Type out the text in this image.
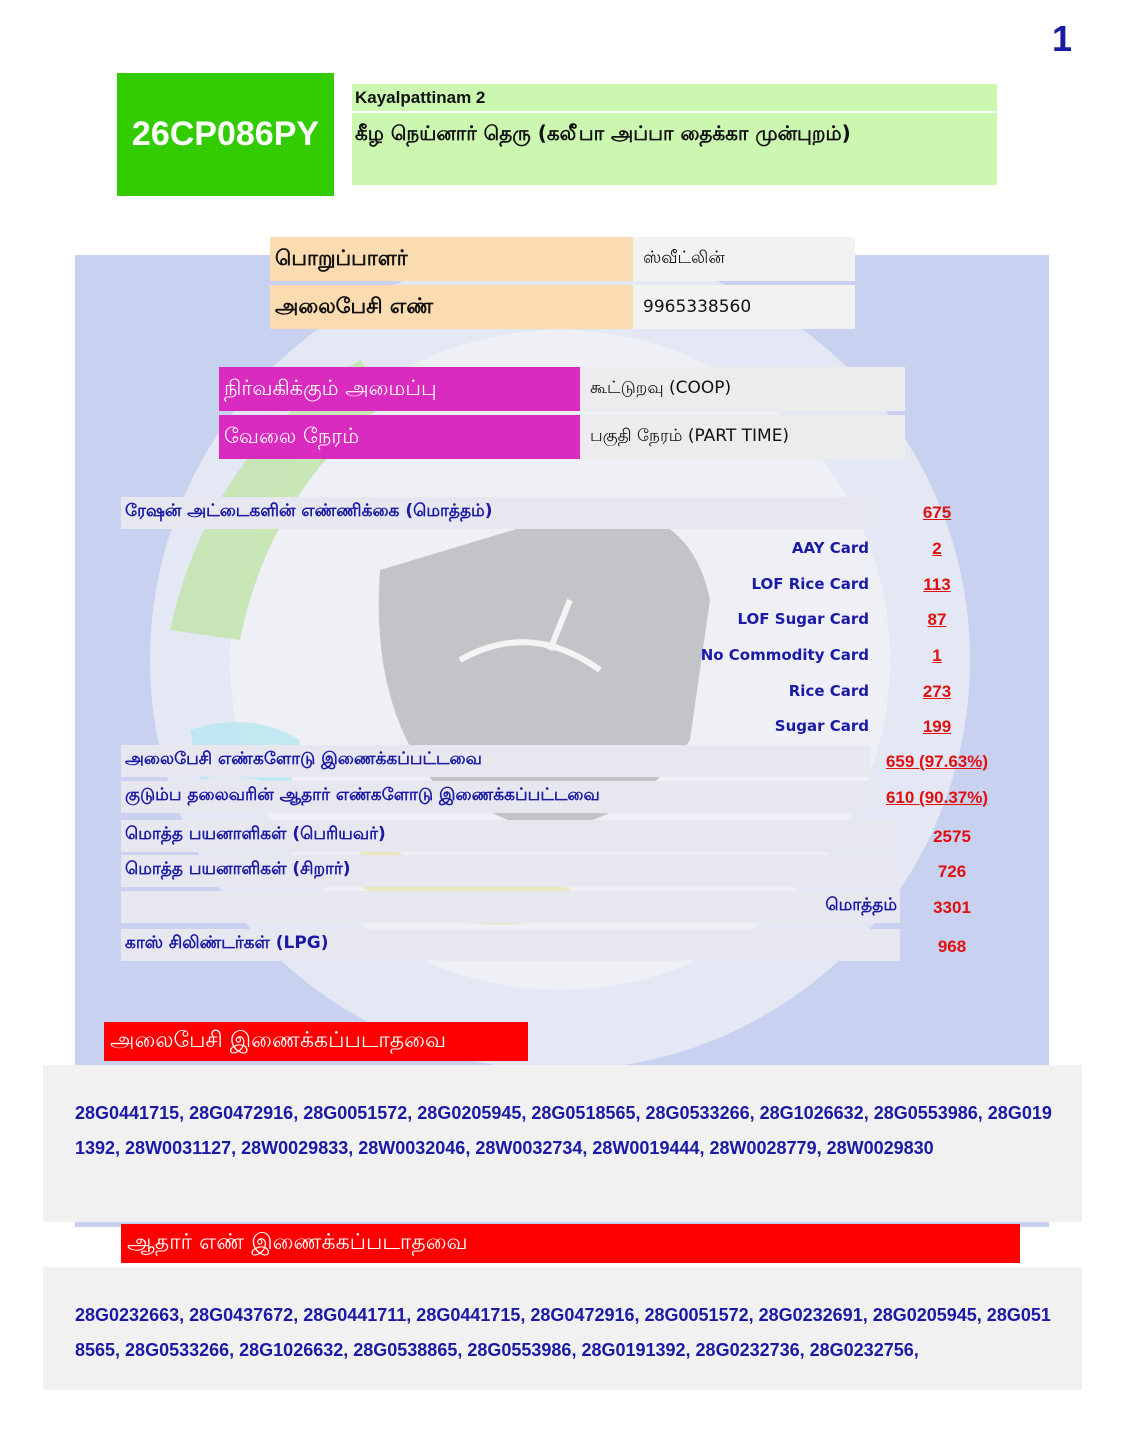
1
26CP086PY
Kayalpattinam 2
கீழ நெய்னார் தெரு (கலீ்பா அப்பா தைக்கா முன்புறம்)
பொறுப்பாளர்	ஸ்வீட்லின்
அலைபேசி எண்	9965338560
நிர்வகிக்கும் அமைப்பு	கூட்டுறவு (COOP)
வேலை நேரம்	பகுதி நேரம் (PART TIME)
ரேஷன் அட்டைகளின் எண்ணிக்கை (மொத்தம்)	675
AAY Card	2
LOF Rice Card	113
LOF Sugar Card	87
No Commodity Card	1
Rice Card	273
Sugar Card	199
அலைபேசி எண்களோடு இணைக்கப்பட்டவை	659 (97.63%)
குடும்ப தலைவரின் ஆதார் எண்களோடு இணைக்கப்பட்டவை	610 (90.37%)
மொத்த பயனாளிகள் (பெரியவர்)	2575
மொத்த பயனாளிகள் (சிறார்)	726
மொத்தம்	3301
காஸ் சிலிண்டர்கள் (LPG)	968
அலைபேசி இணைக்கப்படாதவை
28G0441715, 28G0472916, 28G0051572, 28G0205945, 28G0518565, 28G0533266, 28G1026632, 28G0553986, 28G0191392, 28W0031127, 28W0029833, 28W0032046, 28W0032734, 28W0019444, 28W0028779, 28W0029830
ஆதார் எண் இணைக்கப்படாதவை
28G0232663, 28G0437672, 28G0441711, 28G0441715, 28G0472916, 28G0051572, 28G0232691, 28G0205945, 28G0518565, 28G0533266, 28G1026632, 28G0538865, 28G0553986, 28G0191392, 28G0232736, 28G0232756,
